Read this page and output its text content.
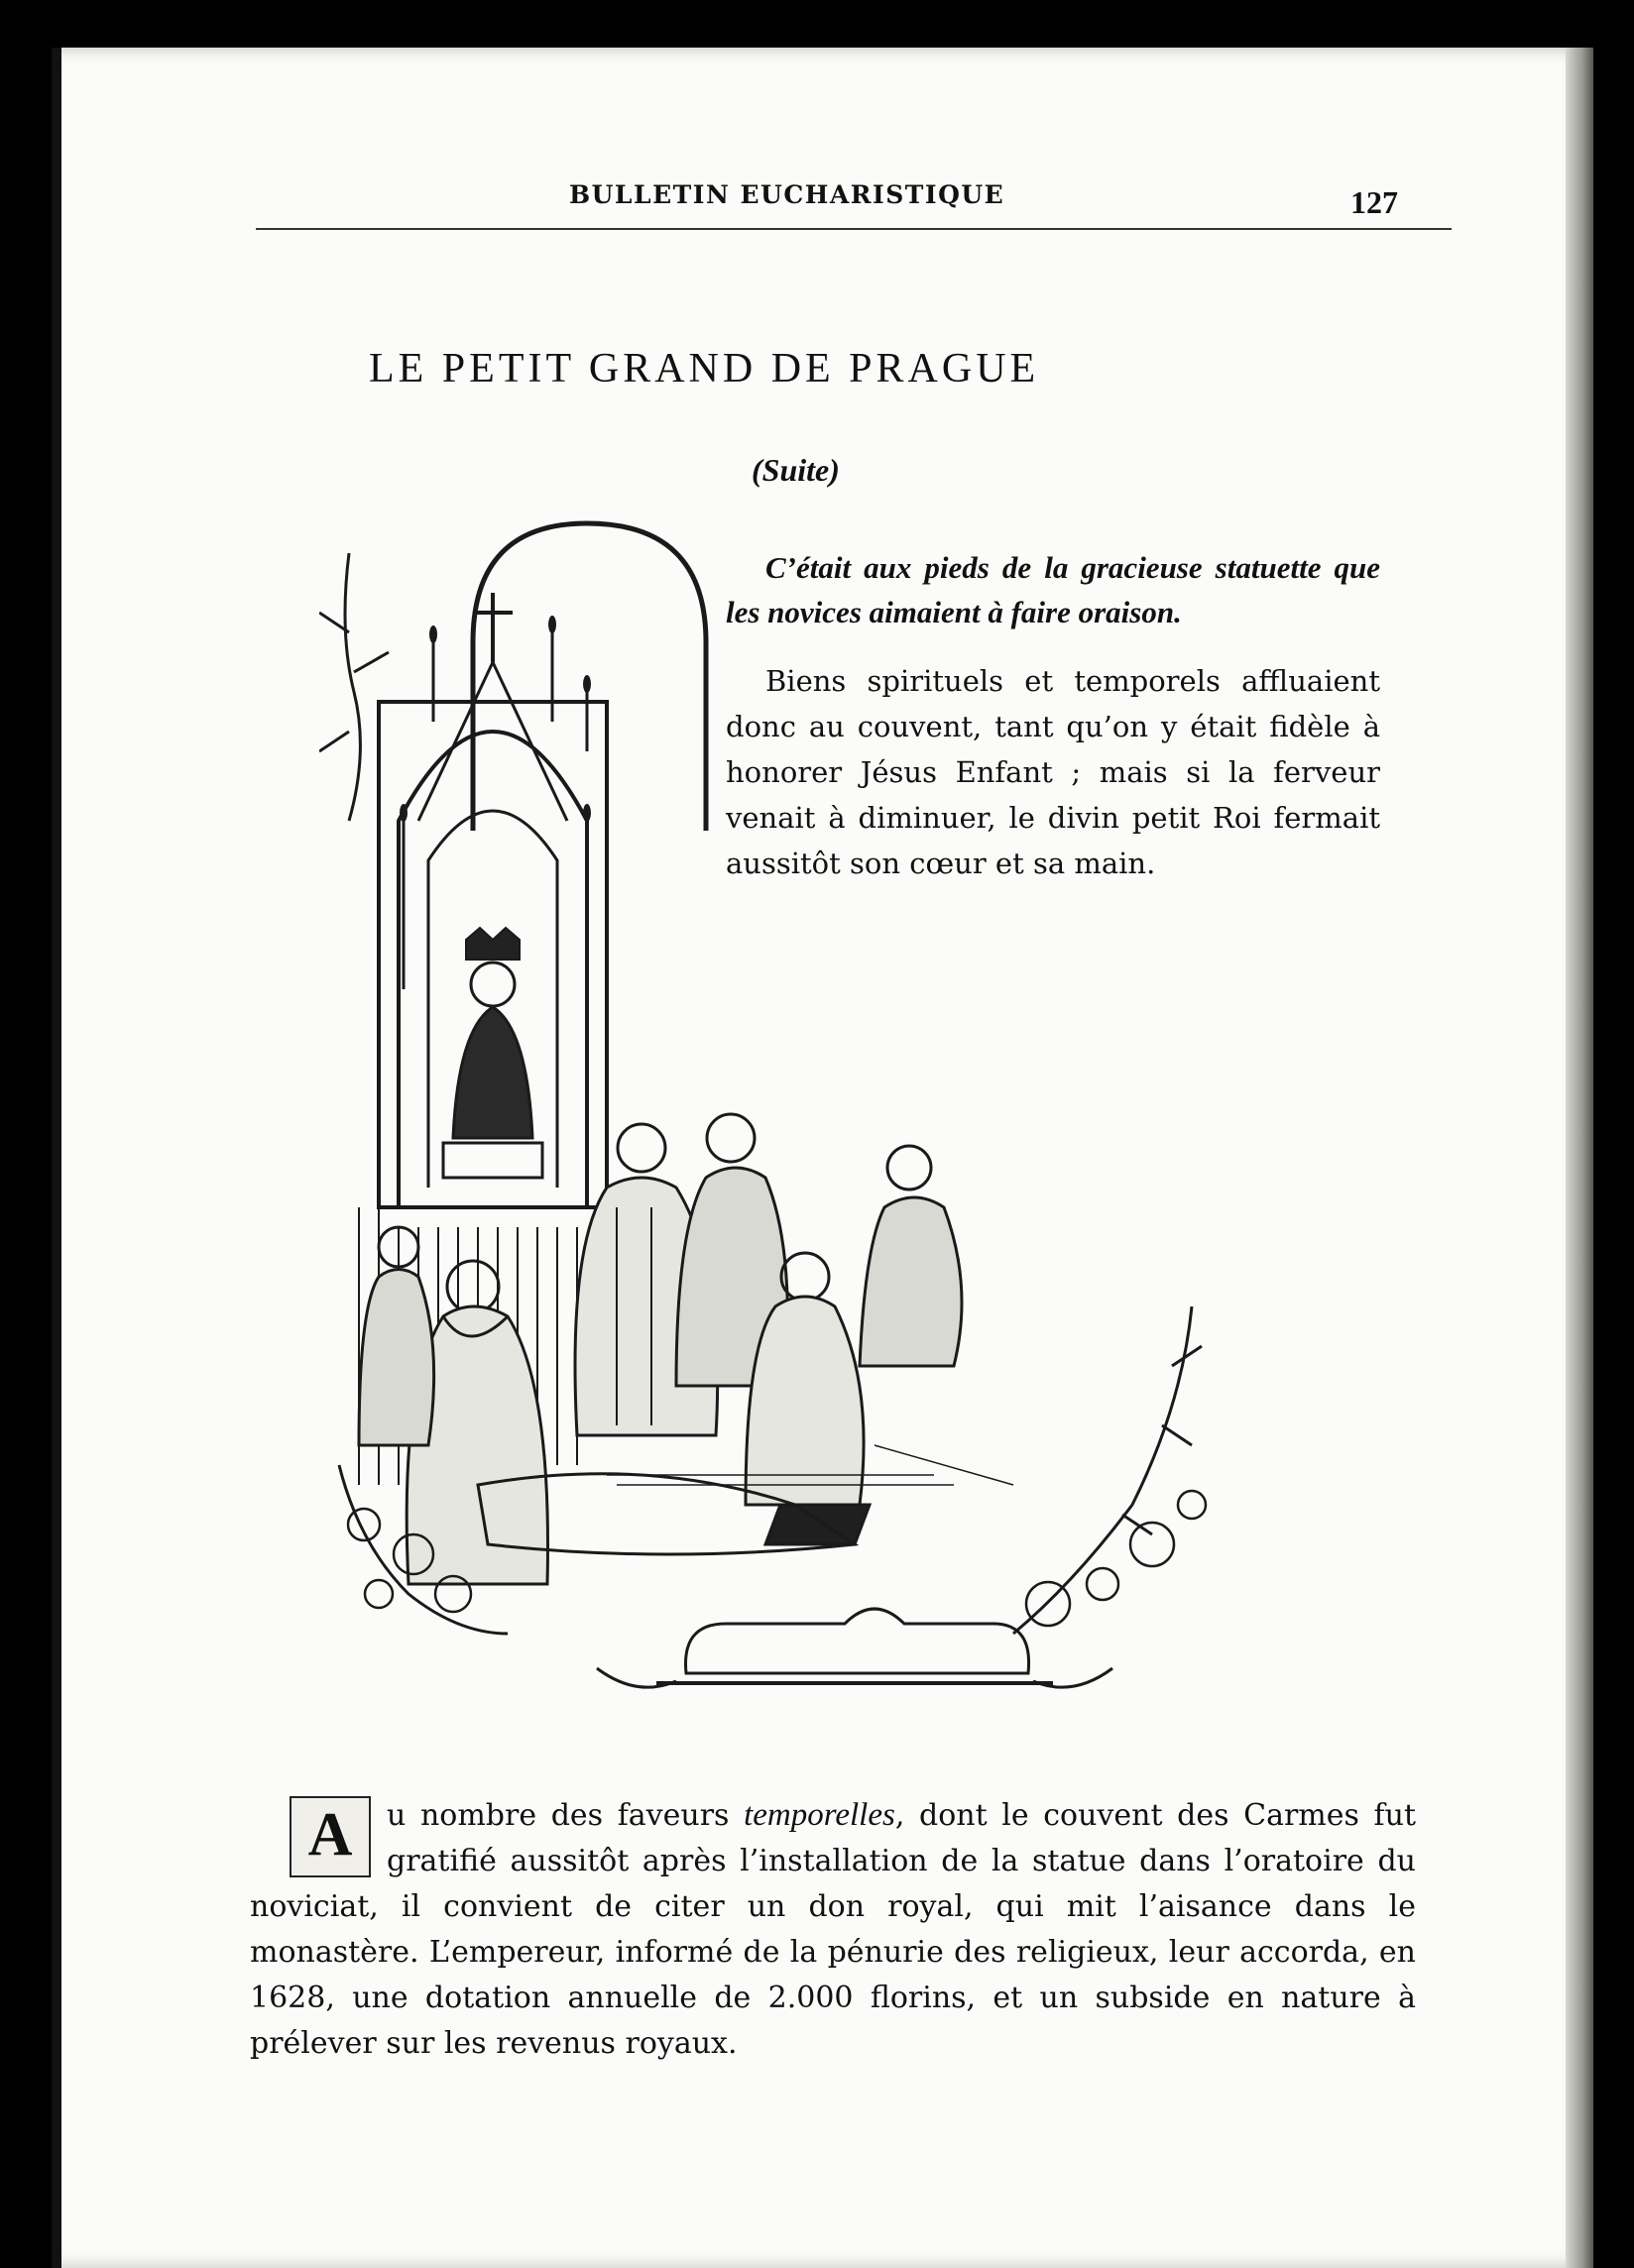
BULLETIN EUCHARISTIQUE	127
LE PETIT GRAND DE PRAGUE
(Suite)

C’était aux pieds de la gracieuse statuette que les novices aimaient à faire oraison.

Biens spirituels et temporels affluaient donc au couvent, tant qu’on y était fidèle à honorer Jésus Enfant ; mais si la ferveur venait à diminuer, le divin petit Roi fermait aussitôt son cœur et sa main.

A	u nombre des faveurs temporelles, dont le couvent des Carmes fut gratifié aussitôt après l’installation de la statue dans l’oratoire du noviciat, il convient de citer un don royal, qui mit l’aisance dans le monastère. L’empereur, informé de la pénurie des religieux, leur accorda, en 1628, une dotation annuelle de 2.000 florins, et un subside en nature à prélever sur les revenus royaux.
